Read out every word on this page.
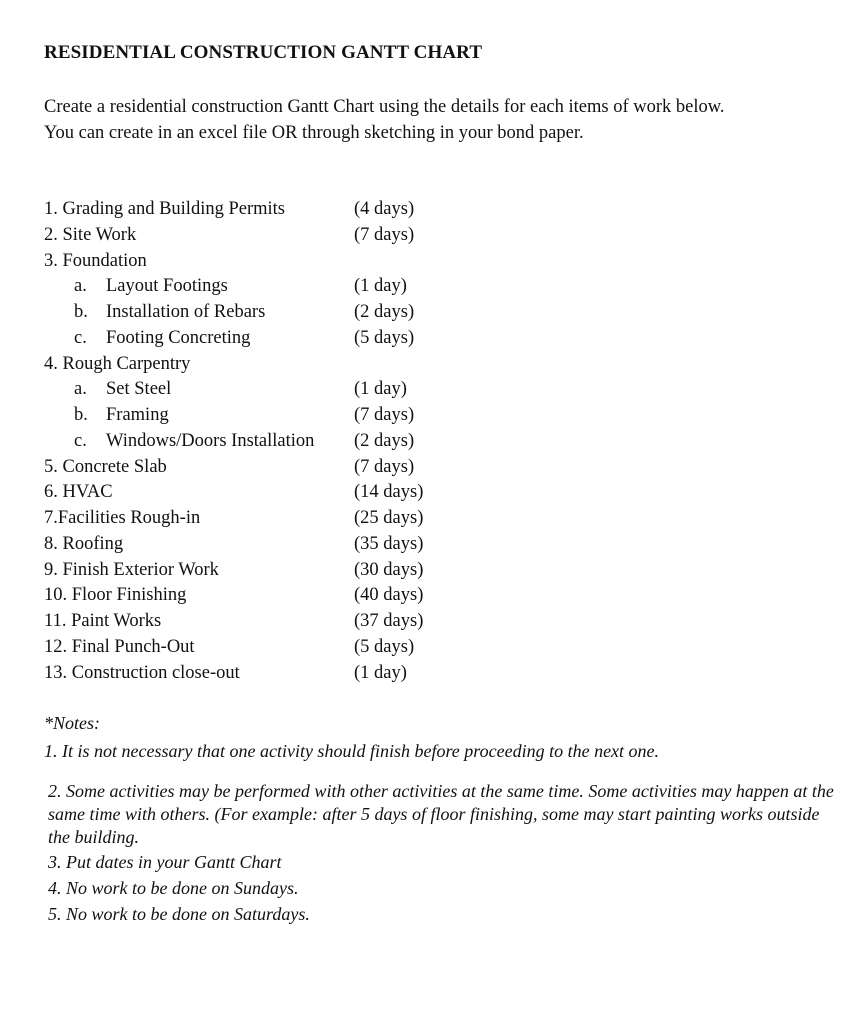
RESIDENTIAL CONSTRUCTION GANTT CHART
Create a residential construction Gantt Chart using the details for each items of work below.
You can create in an excel file OR through sketching in your bond paper.
1. Grading and Building Permits	(4 days)
2. Site Work	(7 days)
3. Foundation
a. Layout Footings	(1 day)
b. Installation of Rebars	(2 days)
c. Footing Concreting	(5 days)
4. Rough Carpentry
a. Set Steel	(1 day)
b. Framing	(7 days)
c. Windows/Doors Installation (2 days)
5. Concrete Slab	(7 days)
6. HVAC	(14 days)
7.Facilities Rough-in	(25 days)
8. Roofing	(35 days)
9. Finish Exterior Work	(30 days)
10. Floor Finishing	(40 days)
11. Paint Works	(37 days)
12. Final Punch-Out	(5 days)
13. Construction close-out	(1 day)
*Notes:
1. It is not necessary that one activity should finish before proceeding to the next one.
2. Some activities may be performed with other activities at the same time. Some activities may happen at the same time with others. (For example: after 5 days of floor finishing, some may start painting works outside the building.
3. Put dates in your Gantt Chart
4. No work to be done on Sundays.
5. No work to be done on Saturdays.
